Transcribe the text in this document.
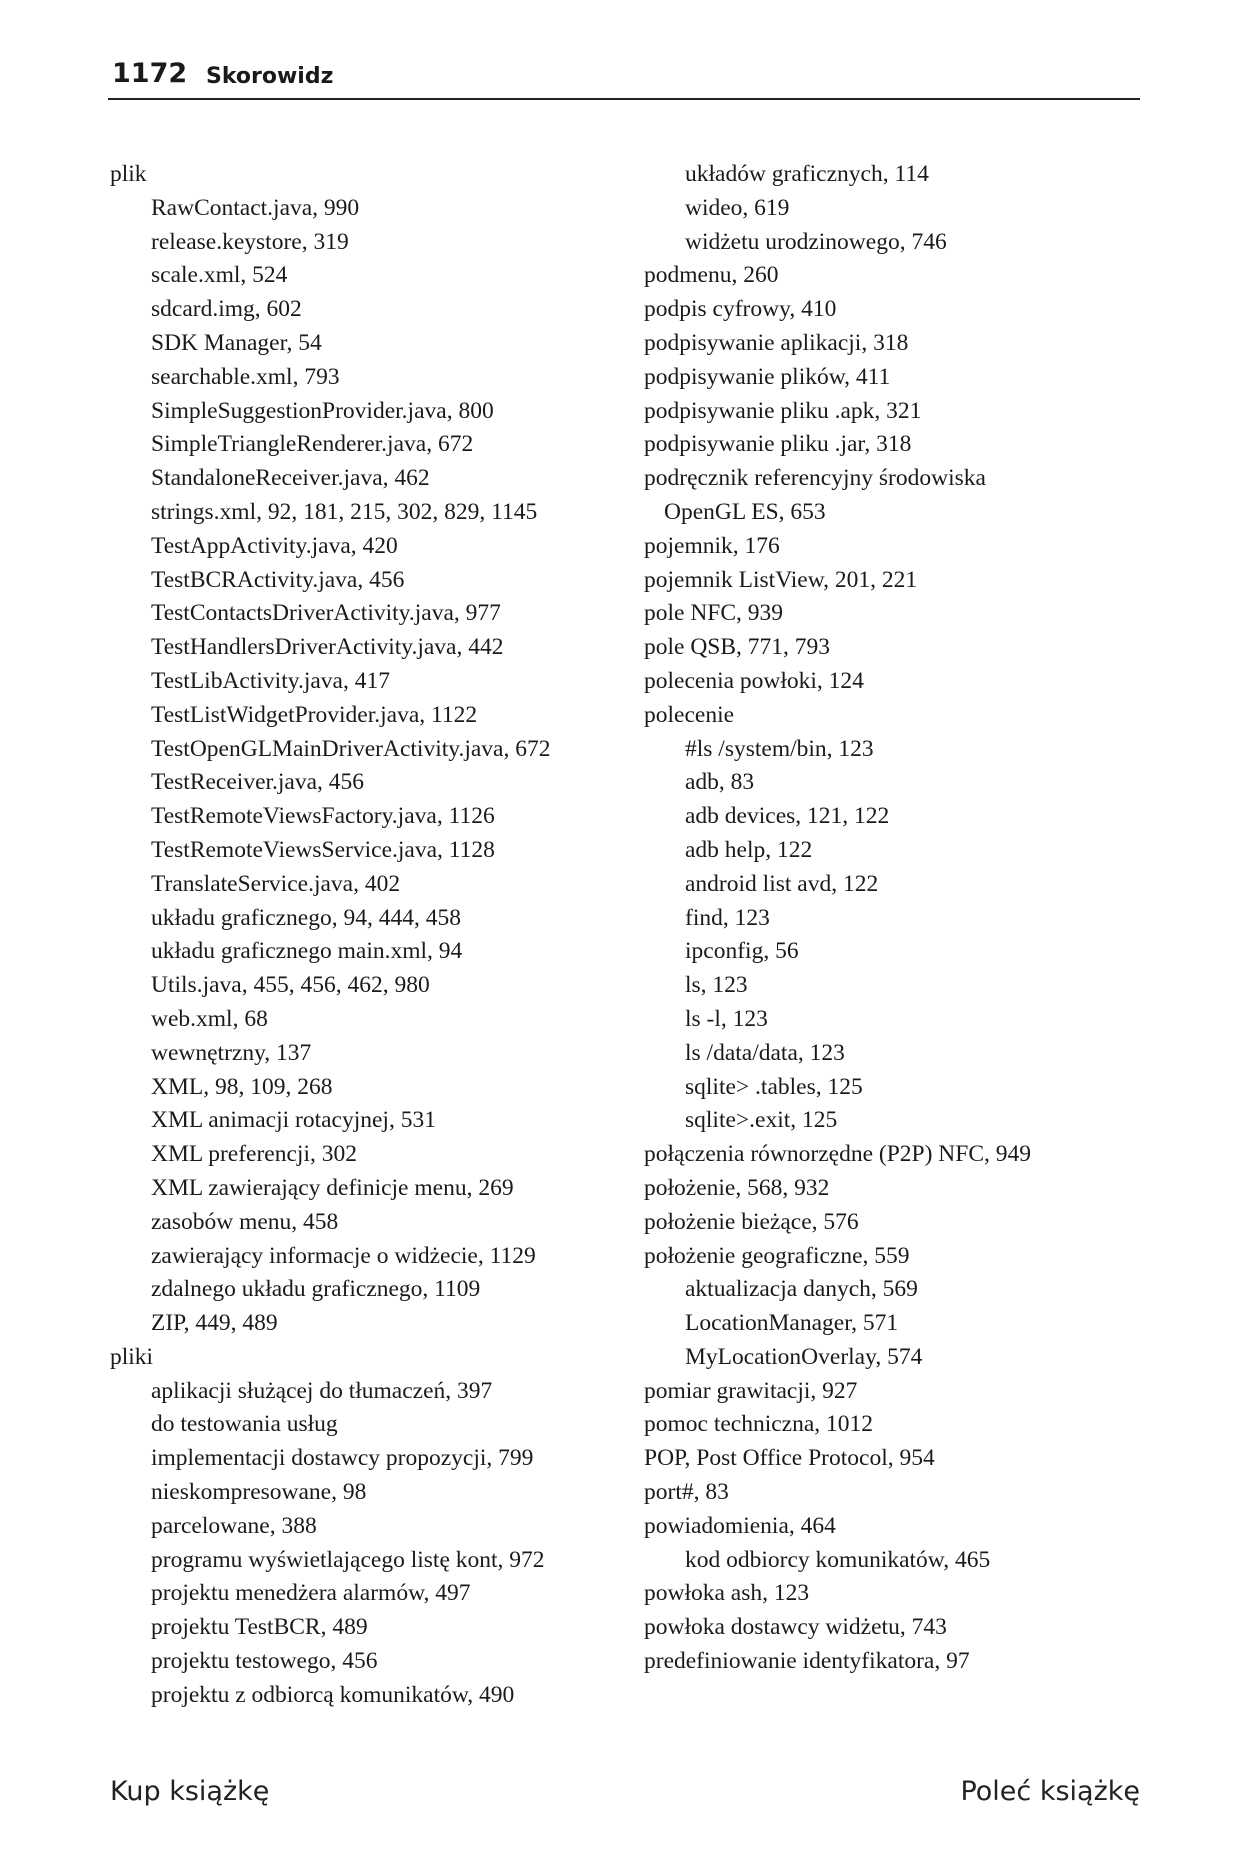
1172 Skorowidz
plik
RawContact.java, 990
release.keystore, 319
scale.xml, 524
sdcard.img, 602
SDK Manager, 54
searchable.xml, 793
SimpleSuggestionProvider.java, 800
SimpleTriangleRenderer.java, 672
StandaloneReceiver.java, 462
strings.xml, 92, 181, 215, 302, 829, 1145
TestAppActivity.java, 420
TestBCRActivity.java, 456
TestContactsDriverActivity.java, 977
TestHandlersDriverActivity.java, 442
TestLibActivity.java, 417
TestListWidgetProvider.java, 1122
TestOpenGLMainDriverActivity.java, 672
TestReceiver.java, 456
TestRemoteViewsFactory.java, 1126
TestRemoteViewsService.java, 1128
TranslateService.java, 402
układu graficznego, 94, 444, 458
układu graficznego main.xml, 94
Utils.java, 455, 456, 462, 980
web.xml, 68
wewnętrzny, 137
XML, 98, 109, 268
XML animacji rotacyjnej, 531
XML preferencji, 302
XML zawierający definicje menu, 269
zasobów menu, 458
zawierający informacje o widżecie, 1129
zdalnego układu graficznego, 1109
ZIP, 449, 489
pliki
aplikacji służącej do tłumaczeń, 397
do testowania usług
implementacji dostawcy propozycji, 799
nieskompresowane, 98
parcelowane, 388
programu wyświetlającego listę kont, 972
projektu menedżera alarmów, 497
projektu TestBCR, 489
projektu testowego, 456
projektu z odbiorcą komunikatów, 490
układów graficznych, 114
wideo, 619
widżetu urodzinowego, 746
podmenu, 260
podpis cyfrowy, 410
podpisywanie aplikacji, 318
podpisywanie plików, 411
podpisywanie pliku .apk, 321
podpisywanie pliku .jar, 318
podręcznik referencyjny środowiska
OpenGL ES, 653
pojemnik, 176
pojemnik ListView, 201, 221
pole NFC, 939
pole QSB, 771, 793
polecenia powłoki, 124
polecenie
#ls /system/bin, 123
adb, 83
adb devices, 121, 122
adb help, 122
android list avd, 122
find, 123
ipconfig, 56
ls, 123
ls -l, 123
ls /data/data, 123
sqlite> .tables, 125
sqlite>.exit, 125
połączenia równorzędne (P2P) NFC, 949
położenie, 568, 932
położenie bieżące, 576
położenie geograficzne, 559
aktualizacja danych, 569
LocationManager, 571
MyLocationOverlay, 574
pomiar grawitacji, 927
pomoc techniczna, 1012
POP, Post Office Protocol, 954
port#, 83
powiadomienia, 464
kod odbiorcy komunikatów, 465
powłoka ash, 123
powłoka dostawcy widżetu, 743
predefiniowanie identyfikatora, 97
Kup książkę	Poleć książkę
